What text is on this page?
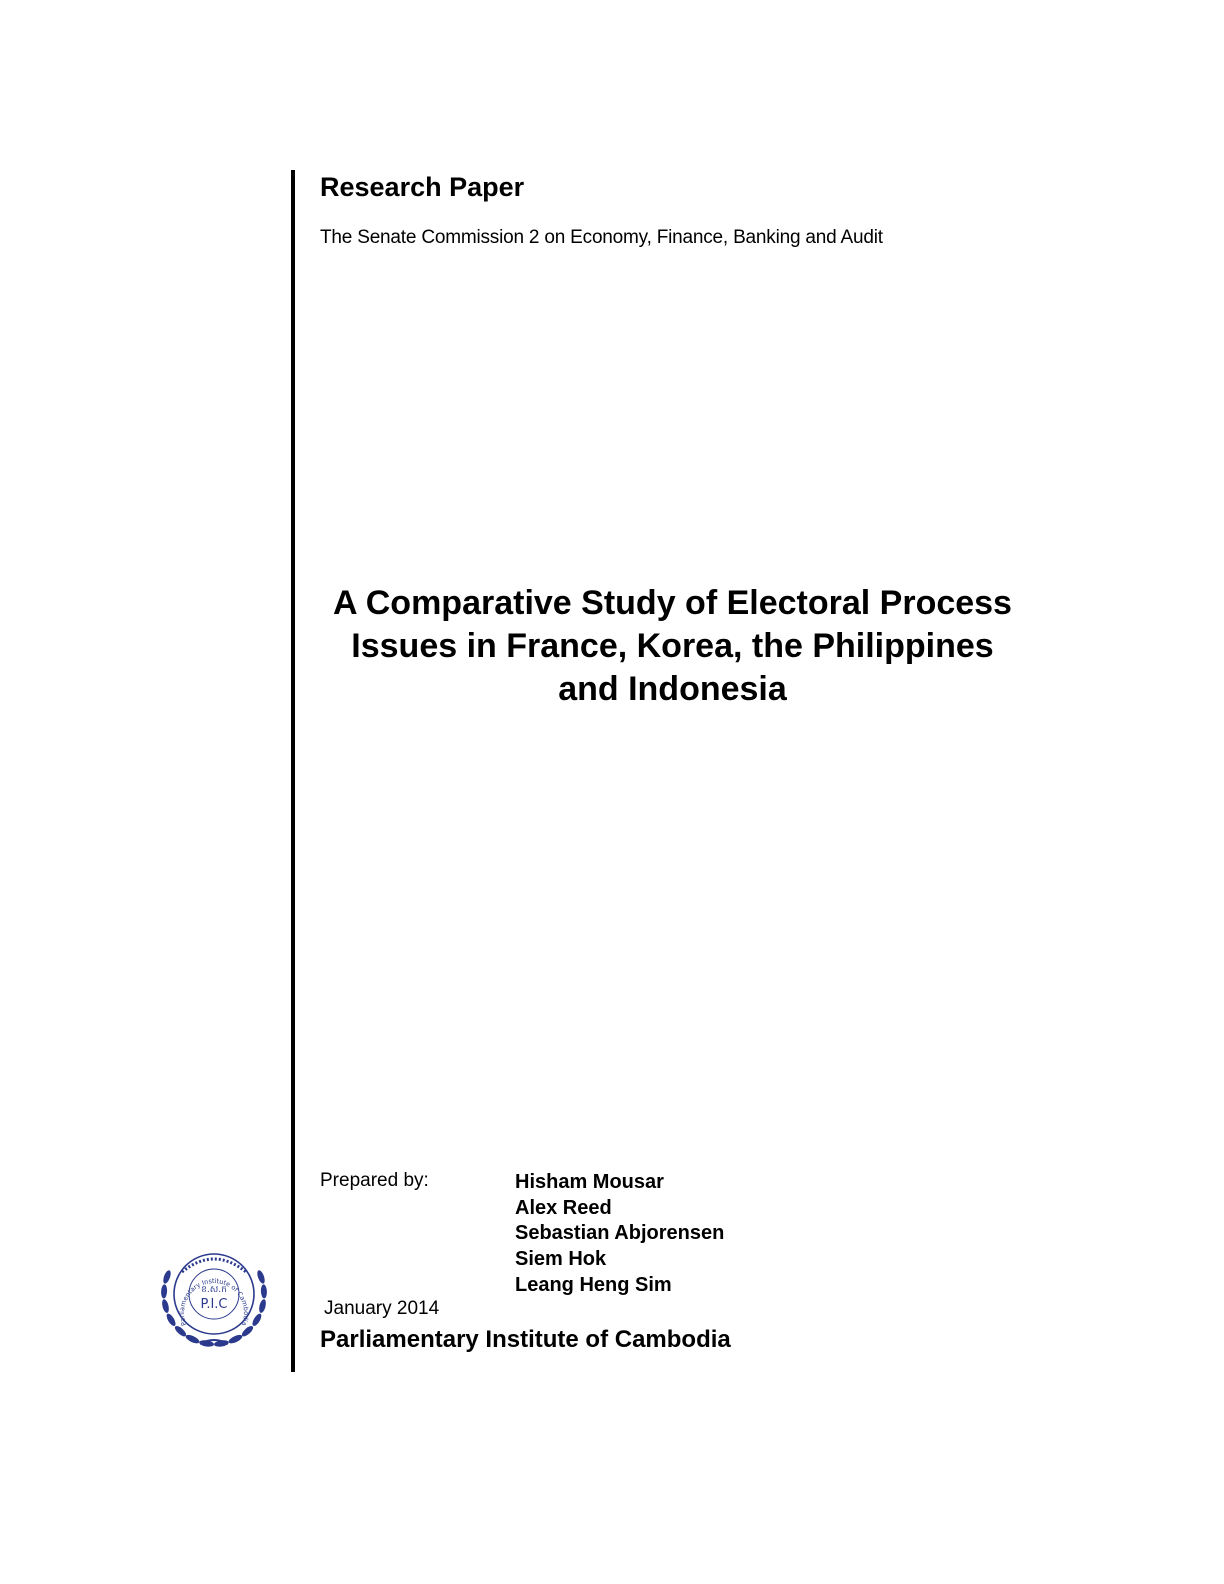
Research Paper
The Senate Commission 2 on Economy, Finance, Banking and Audit
A Comparative Study of Electoral Process
Issues in France, Korea, the Philippines
and Indonesia
Prepared by:	Hisham Mousar
Alex Reed
Sebastian Abjorensen
Siem Hok
Leang Heng Sim
January 2014
Parliamentary Institute of Cambodia
ខ.ស.ក
P.I.C
Parliamentary Institute of Cambodia
